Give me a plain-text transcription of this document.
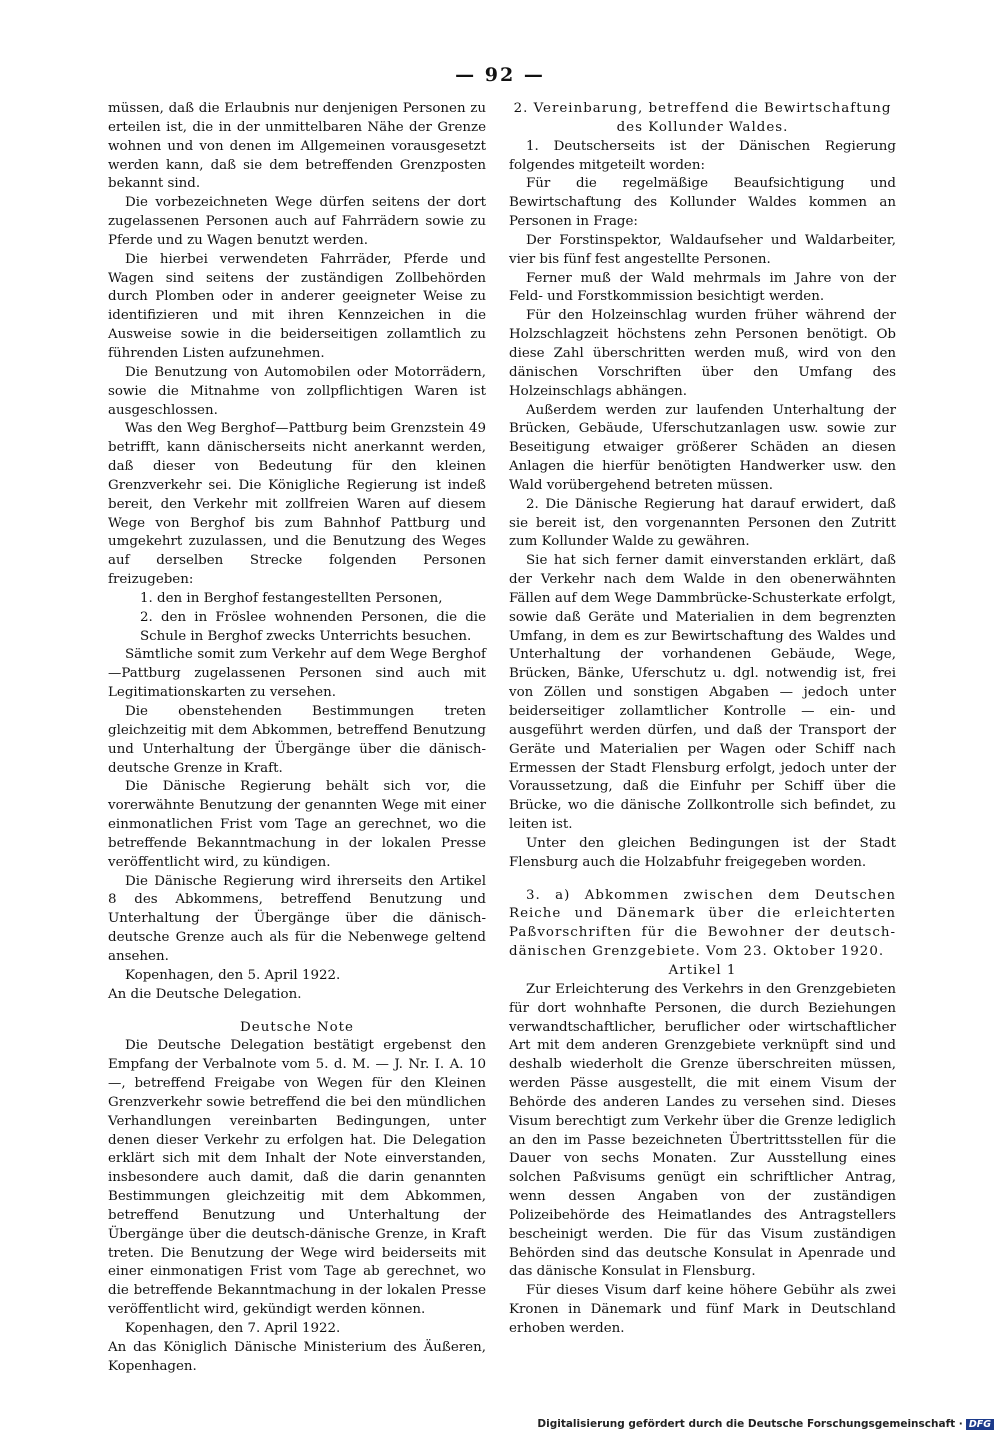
— 92 —

müssen, daß die Erlaubnis nur denjenigen Personen zu erteilen ist, die in der unmittelbaren Nähe der Grenze wohnen und von denen im Allgemeinen vorausgesetzt werden kann, daß sie dem betreffenden Grenzposten bekannt sind.

Die vorbezeichneten Wege dürfen seitens der dort zugelassenen Personen auch auf Fahrrädern sowie zu Pferde und zu Wagen benutzt werden.

Die hierbei verwendeten Fahrräder, Pferde und Wagen sind seitens der zuständigen Zollbehörden durch Plomben oder in anderer geeigneter Weise zu identifizieren und mit ihren Kennzeichen in die Ausweise sowie in die beiderseitigen zollamtlich zu führenden Listen aufzunehmen.

Die Benutzung von Automobilen oder Motorrädern, sowie die Mitnahme von zollpflichtigen Waren ist ausgeschlossen.

Was den Weg Berghof—Pattburg beim Grenzstein 49 betrifft, kann dänischerseits nicht anerkannt werden, daß dieser von Bedeutung für den kleinen Grenzverkehr sei. Die Königliche Regierung ist indeß bereit, den Verkehr mit zollfreien Waren auf diesem Wege von Berghof bis zum Bahnhof Pattburg und umgekehrt zuzulassen, und die Benutzung des Weges auf derselben Strecke folgenden Personen freizugeben:

1. den in Berghof festangestellten Personen,

2. den in Fröslee wohnenden Personen, die die Schule in Berghof zwecks Unterrichts besuchen.

Sämtliche somit zum Verkehr auf dem Wege Berghof—Pattburg zugelassenen Personen sind auch mit Legitimationskarten zu versehen.

Die obenstehenden Bestimmungen treten gleichzeitig mit dem Abkommen, betreffend Benutzung und Unterhaltung der Übergänge über die dänisch-deutsche Grenze in Kraft.

Die Dänische Regierung behält sich vor, die vorerwähnte Benutzung der genannten Wege mit einer einmonatlichen Frist vom Tage an gerechnet, wo die betreffende Bekanntmachung in der lokalen Presse veröffentlicht wird, zu kündigen.

Die Dänische Regierung wird ihrerseits den Artikel 8 des Abkommens, betreffend Benutzung und Unterhaltung der Übergänge über die dänisch-deutsche Grenze auch als für die Nebenwege geltend ansehen.

Kopenhagen, den 5. April 1922.

An die Deutsche Delegation.

Deutsche Note

Die Deutsche Delegation bestätigt ergebenst den Empfang der Verbalnote vom 5. d. M. — J. Nr. I. A. 10 —, betreffend Freigabe von Wegen für den Kleinen Grenzverkehr sowie betreffend die bei den mündlichen Verhandlungen vereinbarten Bedingungen, unter denen dieser Verkehr zu erfolgen hat. Die Delegation erklärt sich mit dem Inhalt der Note einverstanden, insbesondere auch damit, daß die darin genannten Bestimmungen gleichzeitig mit dem Abkommen, betreffend Benutzung und Unterhaltung der Übergänge über die deutsch-dänische Grenze, in Kraft treten. Die Benutzung der Wege wird beiderseits mit einer einmonatigen Frist vom Tage ab gerechnet, wo die betreffende Bekanntmachung in der lokalen Presse veröffentlicht wird, gekündigt werden können.

Kopenhagen, den 7. April 1922.

An das Königlich Dänische Ministerium des Äußeren, Kopenhagen.

2. Vereinbarung, betreffend die Bewirtschaftung des Kollunder Waldes.

1. Deutscherseits ist der Dänischen Regierung folgendes mitgeteilt worden:

Für die regelmäßige Beaufsichtigung und Bewirtschaftung des Kollunder Waldes kommen an Personen in Frage:

Der Forstinspektor, Waldaufseher und Waldarbeiter, vier bis fünf fest angestellte Personen.

Ferner muß der Wald mehrmals im Jahre von der Feld- und Forstkommission besichtigt werden.

Für den Holzeinschlag wurden früher während der Holzschlagzeit höchstens zehn Personen benötigt. Ob diese Zahl überschritten werden muß, wird von den dänischen Vorschriften über den Umfang des Holzeinschlags abhängen.

Außerdem werden zur laufenden Unterhaltung der Brücken, Gebäude, Uferschutzanlagen usw. sowie zur Beseitigung etwaiger größerer Schäden an diesen Anlagen die hierfür benötigten Handwerker usw. den Wald vorübergehend betreten müssen.

2. Die Dänische Regierung hat darauf erwidert, daß sie bereit ist, den vorgenannten Personen den Zutritt zum Kollunder Walde zu gewähren.

Sie hat sich ferner damit einverstanden erklärt, daß der Verkehr nach dem Walde in den obenerwähnten Fällen auf dem Wege Dammbrücke-Schusterkate erfolgt, sowie daß Geräte und Materialien in dem begrenzten Umfang, in dem es zur Bewirtschaftung des Waldes und Unterhaltung der vorhandenen Gebäude, Wege, Brücken, Bänke, Uferschutz u. dgl. notwendig ist, frei von Zöllen und sonstigen Abgaben — jedoch unter beiderseitiger zollamtlicher Kontrolle — ein- und ausgeführt werden dürfen, und daß der Transport der Geräte und Materialien per Wagen oder Schiff nach Ermessen der Stadt Flensburg erfolgt, jedoch unter der Voraussetzung, daß die Einfuhr per Schiff über die Brücke, wo die dänische Zollkontrolle sich befindet, zu leiten ist.

Unter den gleichen Bedingungen ist der Stadt Flensburg auch die Holzabfuhr freigegeben worden.

3. a) Abkommen zwischen dem Deutschen Reiche und Dänemark über die erleichterten Paßvorschriften für die Bewohner der deutsch-dänischen Grenzgebiete. Vom 23. Oktober 1920.

Artikel 1

Zur Erleichterung des Verkehrs in den Grenzgebieten für dort wohnhafte Personen, die durch Beziehungen verwandtschaftlicher, beruflicher oder wirtschaftlicher Art mit dem anderen Grenzgebiete verknüpft sind und deshalb wiederholt die Grenze überschreiten müssen, werden Pässe ausgestellt, die mit einem Visum der Behörde des anderen Landes zu versehen sind. Dieses Visum berechtigt zum Verkehr über die Grenze lediglich an den im Passe bezeichneten Übertrittsstellen für die Dauer von sechs Monaten. Zur Ausstellung eines solchen Paßvisums genügt ein schriftlicher Antrag, wenn dessen Angaben von der zuständigen Polizeibehörde des Heimatlandes des Antragstellers bescheinigt werden. Die für das Visum zuständigen Behörden sind das deutsche Konsulat in Apenrade und das dänische Konsulat in Flensburg.

Für dieses Visum darf keine höhere Gebühr als zwei Kronen in Dänemark und fünf Mark in Deutschland erhoben werden.

Digitalisierung gefördert durch die Deutsche Forschungsgemeinschaft · DFG
